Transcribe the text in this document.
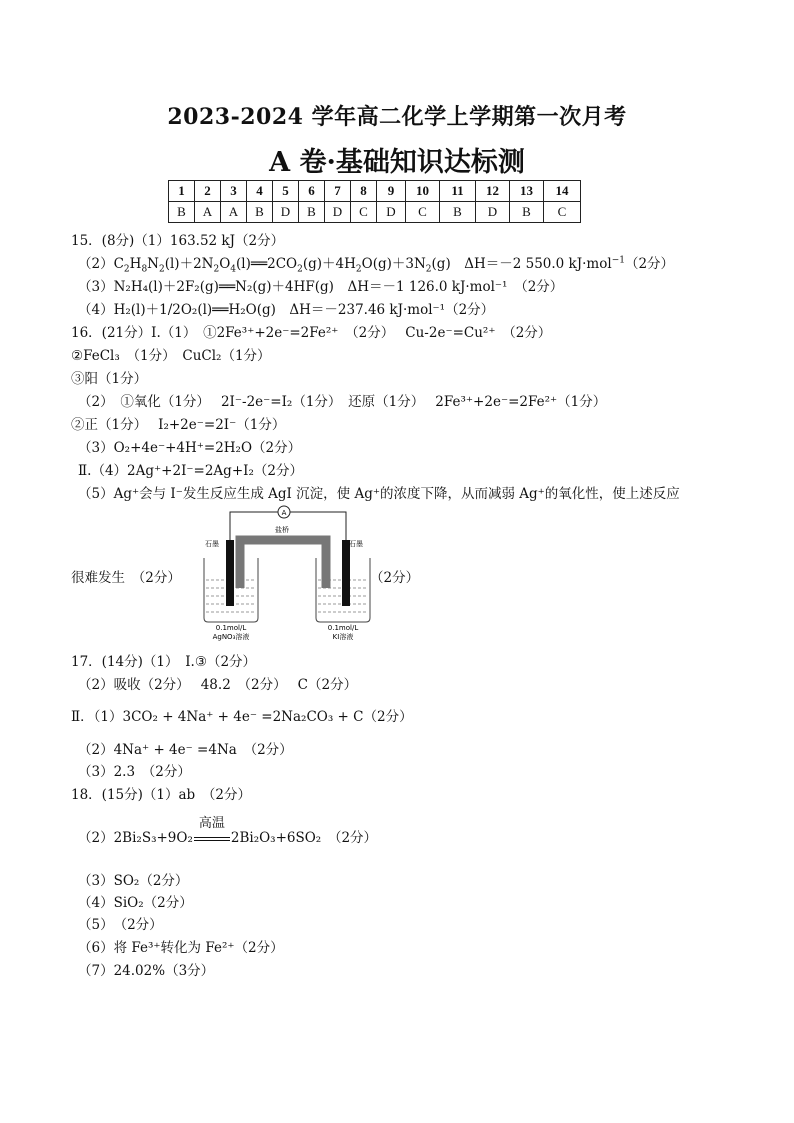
2023-2024 学年高二化学上学期第一次月考
A 卷·基础知识达标测
1	2	3	4	5	6	7	8	9	10	11	12	13	14
B	A	A	B	D	B	D	C	D	C	B	D	B	C
15．(8分)（1）163.52 kJ（2分）
$(2)C_2H_8N_2(l)+2N_2O_4(l)══2CO_2(g)+4H_2O(g)+3N_2(g)$　ΔH＝－2 550.0 kJ·mol$^{-1}$（2分）
（3）N₂H₄(l)＋2F₂(g)══N₂(g)＋4HF(g)　ΔH＝－1 126.0 kJ·mol⁻¹　（2分）
（4）H₂(l)＋1/2O₂(l)══H₂O(g)　ΔH＝－237.46 kJ·mol⁻¹（2分）
16．(21分）Ⅰ.（1）　①2Fe³⁺+2e⁻=2Fe²⁺　（2分）　 Cu-2e⁻=Cu²⁺　（2分）
②FeCl₃　（1分）　CuCl₂（1分）
③阳（1分）
（2）　①氧化（1分）　 2I⁻-2e⁻=I₂（1分）　还原（1分）　 2Fe³⁺+2e⁻=2Fe²⁺（1分）
②正（1分）　 I₂+2e⁻=2I⁻（1分）
（3）O₂+4e⁻+4H⁺=2H₂O（2分）
Ⅱ.（4）2Ag⁺+2I⁻=2Ag+I₂（2分）
（5）Ag⁺会与 I⁻发生反应生成 AgI 沉淀，使 Ag⁺的浓度下降，从而减弱 Ag⁺的氧化性，使上述反应
很难发生　（2分）	（2分）
A
盐桥
石墨	石墨
0.1mol/L
AgNO₃溶液
0.1mol/L
KI溶液
17．(14分)（1）　Ⅰ.③（2分）
（2）吸收（2分）　 48.2　（2分）　 C（2分）
Ⅱ．（1）3CO₂ + 4Na⁺ + 4e⁻ =2Na₂CO₃ + C（2分）
（2）4Na⁺ + 4e⁻ =4Na　（2分）
（3）2.3　（2分）
18．(15分)（1）ab　（2分）
（2）2Bi₂S₃+9O₂
高温
2Bi₂O₃+6SO₂　（2分）
（3）SO₂（2分）
（4）SiO₂（2分）
（5）　（2分）
（6）将 Fe³⁺转化为 Fe²⁺（2分）
（7）24.02%（3分）
